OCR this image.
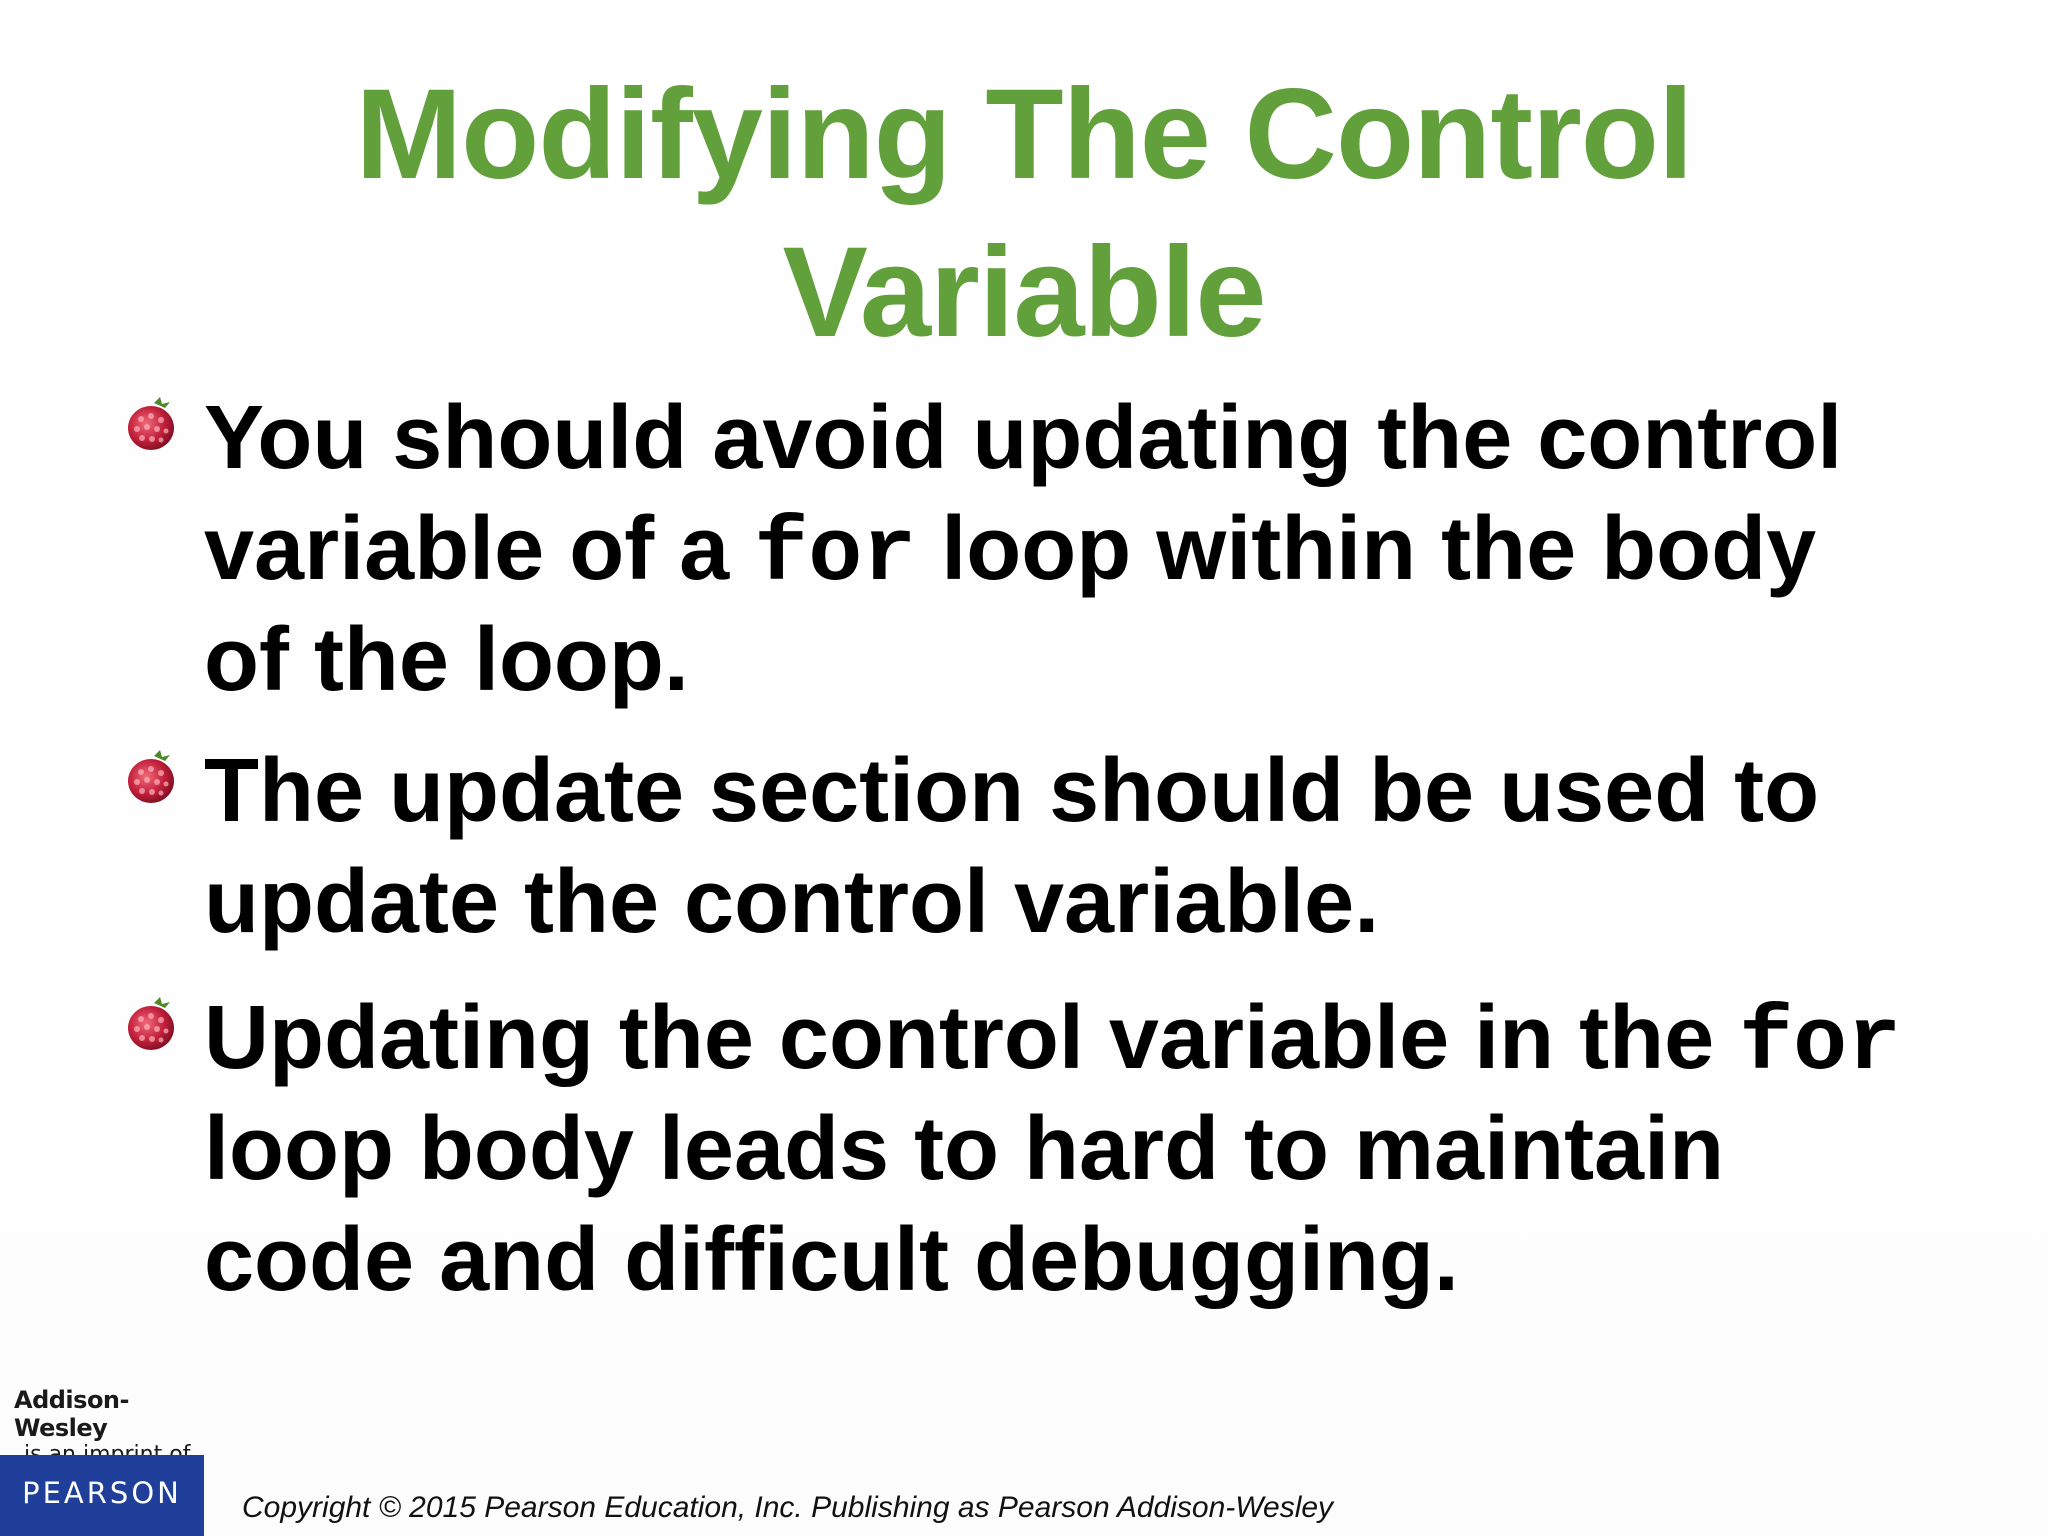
Modifying The Control
Variable
You should avoid updating the control
variable of a for loop within the body
of the loop.
The update section should be used to
update the control variable.
Updating the control variable in the for
loop body leads to hard to maintain
code and difficult debugging.
Addison-Wesley
PEARSON	Copyright © 2015 Pearson Education, Inc. Publishing as Pearson Addison-Wesley
